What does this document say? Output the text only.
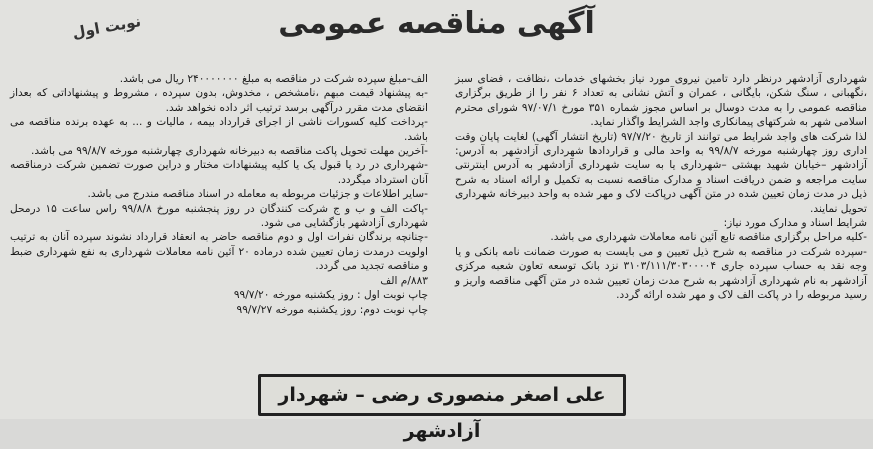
آگهی مناقصه عمومی
نوبت اول

شهرداری آزادشهر درنظر دارد تامین نیروی مورد نیاز بخشهای خدمات ،نظافت ، فضای سبز ،نگهبانی ، سنگ شکن، بایگانی ، عمران و آتش نشانی به تعداد ۶ نفر را از طریق برگزاری مناقصه عمومی را به مدت دوسال بر اساس مجوز شماره ۳۵۱ مورخ ۹۷/۰۷/۱ شورای محترم اسلامی شهر به شرکتهای پیمانکاری واجد الشرایط واگذار نماید.

لذا شرکت های واجد شرایط می توانند از تاریخ ۹۷/۷/۲۰ (تاریخ انتشار آگهی) لغایت پایان وقت اداری روز چهارشنبه مورخه ۹۹/۸/۷ به واحد مالی و قراردادها شهرداری آزادشهر به آدرس: آزادشهر –خیابان شهید بهشتی –شهرداری یا به سایت شهرداری آزادشهر به آدرس اینترنتی سایت مراجعه و ضمن دریافت اسناد و مدارک مناقصه نسبت به تکمیل و ارائه اسناد به شرح ذیل در مدت زمان تعیین شده در متن آگهی درپاکت لاک و مهر شده به واحد دبیرخانه شهرداری تحویل نمایند.

شرایط اسناد و مدارک مورد نیاز:

-کلیه مراحل برگزاری مناقصه تابع آئین نامه معاملات شهرداری می باشد.

-سپرده شرکت در مناقصه به شرح ذیل تعیین و می بایست به صورت ضمانت نامه بانکی و یا وجه نقد به حساب سپرده جاری ۳۱۰۳/۱۱۱/۳۰۳۰۰۰۰۴ نزد بانک توسعه تعاون شعبه مرکزی آزادشهر به نام شهرداری آزادشهر به شرح مدت زمان تعیین شده در متن آگهی مناقصه واریز و رسید مربوطه را در پاکت الف لاک و مهر شده ارائه گردد.

الف-مبلغ سپرده شرکت در مناقصه به مبلغ ۲۴۰۰۰۰۰۰۰ ریال می باشد.

-به پیشنهاد قیمت مبهم ،نامشخص ، مخدوش، بدون سپرده ، مشروط و پیشنهاداتی که بعداز انقضای مدت مقرر درآگهی برسد ترتیب اثر داده نخواهد شد.

-پرداخت کلیه کسورات ناشی از اجرای قرارداد بیمه ، مالیات و ... به عهده برنده مناقصه می باشد.

-آخرین مهلت تحویل پاکت مناقصه به دبیرخانه شهرداری چهارشنبه مورخه ۹۹/۸/۷ می باشد.

-شهرداری در رد یا قبول یک یا کلیه پیشنهادات مختار و دراین صورت تضمین شرکت درمناقصه آنان استرداد میگردد.

-سایر اطلاعات و جزئیات مربوطه به معامله در اسناد مناقصه مندرج می باشد.

-پاکت الف و ب و ج شرکت کنندگان در روز پنجشنبه مورخ ۹۹/۸/۸ راس ساعت ۱۵ درمحل شهرداری آزادشهر بازگشایی می شود.

-چنانچه برندگان نفرات اول و دوم مناقصه حاضر به انعقاد قرارداد نشوند سپرده آنان به ترتیب اولویت درمدت زمان تعیین شده درماده ۲۰ آئین نامه معاملات شهرداری به نفع شهرداری ضبط و مناقصه تجدید می گردد.

۸۸۳/م الف

چاپ نوبت اول : روز یکشنبه مورخه ۹۹/۷/۲۰

چاپ نوبت دوم: روز یکشنبه مورخه ۹۹/۷/۲۷

علی اصغر منصوری رضی – شهردار آزادشهر
